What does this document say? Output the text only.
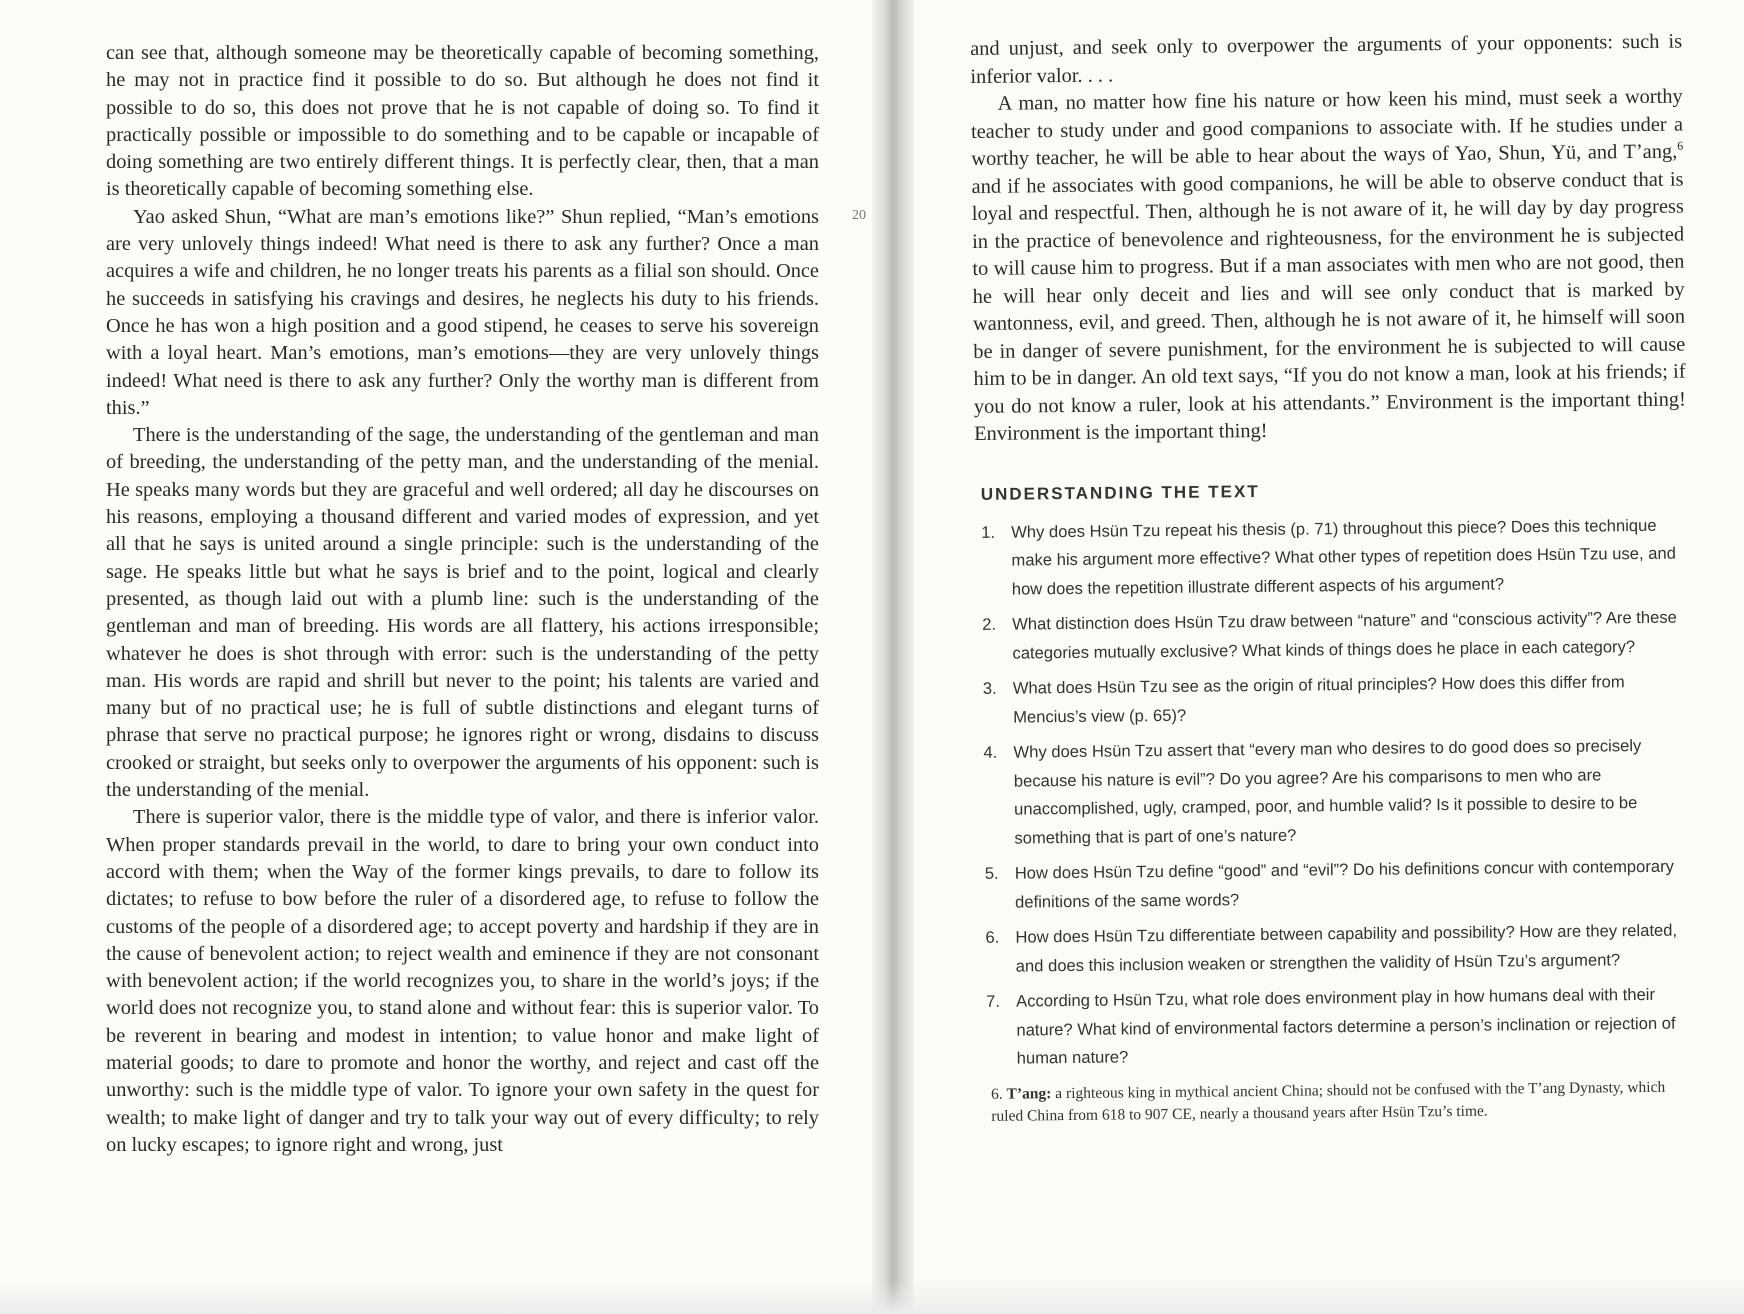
can see that, although someone may be theoretically capable of becoming something, he may not in practice find it possible to do so. But although he does not find it possible to do so, this does not prove that he is not capable of doing so. To find it practically possible or impossible to do something and to be capable or incapable of doing something are two entirely different things. It is perfectly clear, then, that a man is theoretically capable of becoming something else.

Yao asked Shun, “What are man’s emotions like?” Shun replied, “Man’s emotions are very unlovely things indeed! What need is there to ask any further? Once a man acquires a wife and children, he no longer treats his parents as a filial son should. Once he succeeds in satisfying his cravings and desires, he neglects his duty to his friends. Once he has won a high position and a good stipend, he ceases to serve his sovereign with a loyal heart. Man’s emotions, man’s emotions—they are very unlovely things indeed! What need is there to ask any further? Only the worthy man is different from this.”

There is the understanding of the sage, the understanding of the gentleman and man of breeding, the understanding of the petty man, and the understanding of the menial. He speaks many words but they are graceful and well ordered; all day he discourses on his reasons, employing a thousand different and varied modes of expression, and yet all that he says is united around a single principle: such is the understanding of the sage. He speaks little but what he says is brief and to the point, logical and clearly presented, as though laid out with a plumb line: such is the understanding of the gentleman and man of breeding. His words are all flattery, his actions irresponsible; whatever he does is shot through with error: such is the understanding of the petty man. His words are rapid and shrill but never to the point; his talents are varied and many but of no practical use; he is full of subtle distinctions and elegant turns of phrase that serve no practical purpose; he ignores right or wrong, disdains to discuss crooked or straight, but seeks only to overpower the arguments of his opponent: such is the understanding of the menial.

There is superior valor, there is the middle type of valor, and there is inferior valor. When proper standards prevail in the world, to dare to bring your own conduct into accord with them; when the Way of the former kings prevails, to dare to follow its dictates; to refuse to bow before the ruler of a disordered age, to refuse to follow the customs of the people of a disordered age; to accept poverty and hardship if they are in the cause of benevolent action; to reject wealth and eminence if they are not consonant with benevolent action; if the world recognizes you, to share in the world’s joys; if the world does not recognize you, to stand alone and without fear: this is superior valor. To be reverent in bearing and modest in intention; to value honor and make light of material goods; to dare to promote and honor the worthy, and reject and cast off the unworthy: such is the middle type of valor. To ignore your own safety in the quest for wealth; to make light of danger and try to talk your way out of every difficulty; to rely on lucky escapes; to ignore right and wrong, just

20

and unjust, and seek only to overpower the arguments of your opponents: such is inferior valor. . . .

A man, no matter how fine his nature or how keen his mind, must seek a worthy teacher to study under and good companions to associate with. If he studies under a worthy teacher, he will be able to hear about the ways of Yao, Shun, Yü, and T’ang,$^6$ and if he associates with good companions, he will be able to observe conduct that is loyal and respectful. Then, although he is not aware of it, he will day by day progress in the practice of benevolence and righteousness, for the environment he is subjected to will cause him to progress. But if a man associates with men who are not good, then he will hear only deceit and lies and will see only conduct that is marked by wantonness, evil, and greed. Then, although he is not aware of it, he himself will soon be in danger of severe punishment, for the environment he is subjected to will cause him to be in danger. An old text says, “If you do not know a man, look at his friends; if you do not know a ruler, look at his attendants.” Environment is the important thing! Environment is the important thing!

UNDERSTANDING THE TEXT
1. Why does Hsün Tzu repeat his thesis (p. 71) throughout this piece? Does this technique make his argument more effective? What other types of repetition does Hsün Tzu use, and how does the repetition illustrate different aspects of his argument?
2. What distinction does Hsün Tzu draw between “nature” and “conscious activity”? Are these categories mutually exclusive? What kinds of things does he place in each category?
3. What does Hsün Tzu see as the origin of ritual principles? How does this differ from Mencius’s view (p. 65)?
4. Why does Hsün Tzu assert that “every man who desires to do good does so precisely because his nature is evil”? Do you agree? Are his comparisons to men who are unaccomplished, ugly, cramped, poor, and humble valid? Is it possible to desire to be something that is part of one’s nature?
5. How does Hsün Tzu define “good” and “evil”? Do his definitions concur with contemporary definitions of the same words?
6. How does Hsün Tzu differentiate between capability and possibility? How are they related, and does this inclusion weaken or strengthen the validity of Hsün Tzu’s argument?
7. According to Hsün Tzu, what role does environment play in how humans deal with their nature? What kind of environmental factors determine a person’s inclination or rejection of human nature?
6. T’ang: a righteous king in mythical ancient China; should not be confused with the T’ang Dynasty, which ruled China from 618 to 907 CE, nearly a thousand years after Hsün Tzu’s time.
